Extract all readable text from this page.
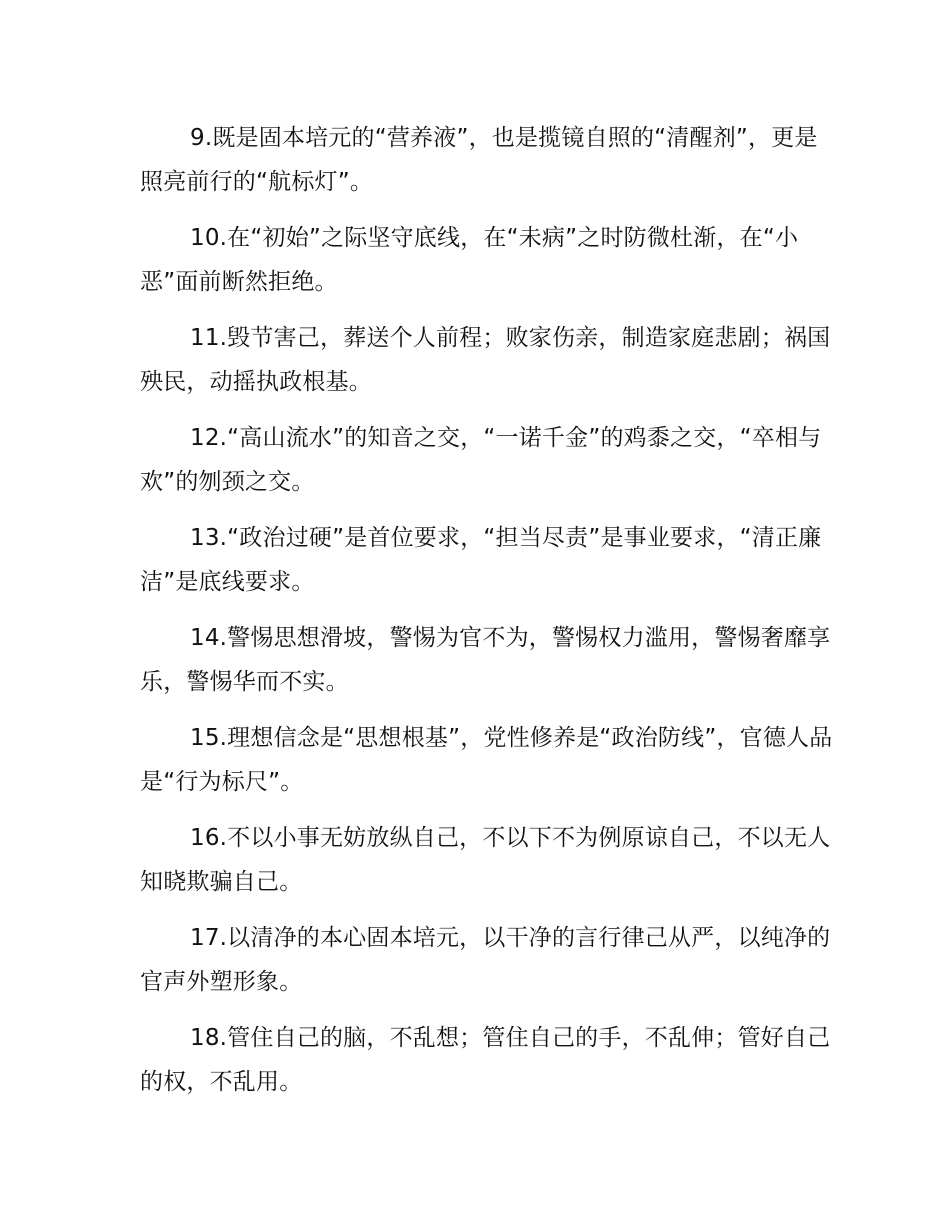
9.既是固本培元的“营养液”，也是揽镜自照的“清醒剂”，更是照亮前行的“航标灯”。

10.在“初始”之际坚守底线，在“未病”之时防微杜渐，在“小恶”面前断然拒绝。

11.毁节害己，葬送个人前程；败家伤亲，制造家庭悲剧；祸国殃民，动摇执政根基。

12.“高山流水”的知音之交，“一诺千金”的鸡黍之交，“卒相与欢”的刎颈之交。

13.“政治过硬”是首位要求，“担当尽责”是事业要求，“清正廉洁”是底线要求。

14.警惕思想滑坡，警惕为官不为，警惕权力滥用，警惕奢靡享乐，警惕华而不实。

15.理想信念是“思想根基”，党性修养是“政治防线”，官德人品是“行为标尺”。

16.不以小事无妨放纵自己，不以下不为例原谅自己，不以无人知晓欺骗自己。

17.以清净的本心固本培元，以干净的言行律己从严，以纯净的官声外塑形象。

18.管住自己的脑，不乱想；管住自己的手，不乱伸；管好自己的权，不乱用。
